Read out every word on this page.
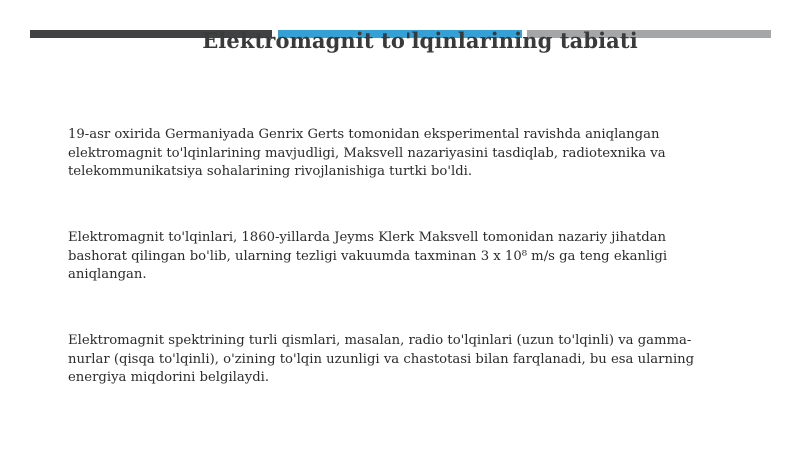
Elektromagnit to'lqinlarining tabiati
19-asr oxirida Germaniyada Genrix Gerts tomonidan eksperimental ravishda aniqlangan
elektromagnit to'lqinlarining mavjudligi, Maksvell nazariyasini tasdiqlab, radiotexnika va
telekommunikatsiya sohalarining rivojlanishiga turtki bo'ldi.
Elektromagnit to'lqinlari, 1860-yillarda Jeyms Klerk Maksvell tomonidan nazariy jihatdan
bashorat qilingan bo'lib, ularning tezligi vakuumda taxminan 3 x 10⁸ m/s ga teng ekanligi
aniqlangan.
Elektromagnit spektrining turli qismlari, masalan, radio to'lqinlari (uzun to'lqinli) va gamma-
nurlar (qisqa to'lqinli), o'zining to'lqin uzunligi va chastotasi bilan farqlanadi, bu esa ularning
energiya miqdorini belgilaydi.
